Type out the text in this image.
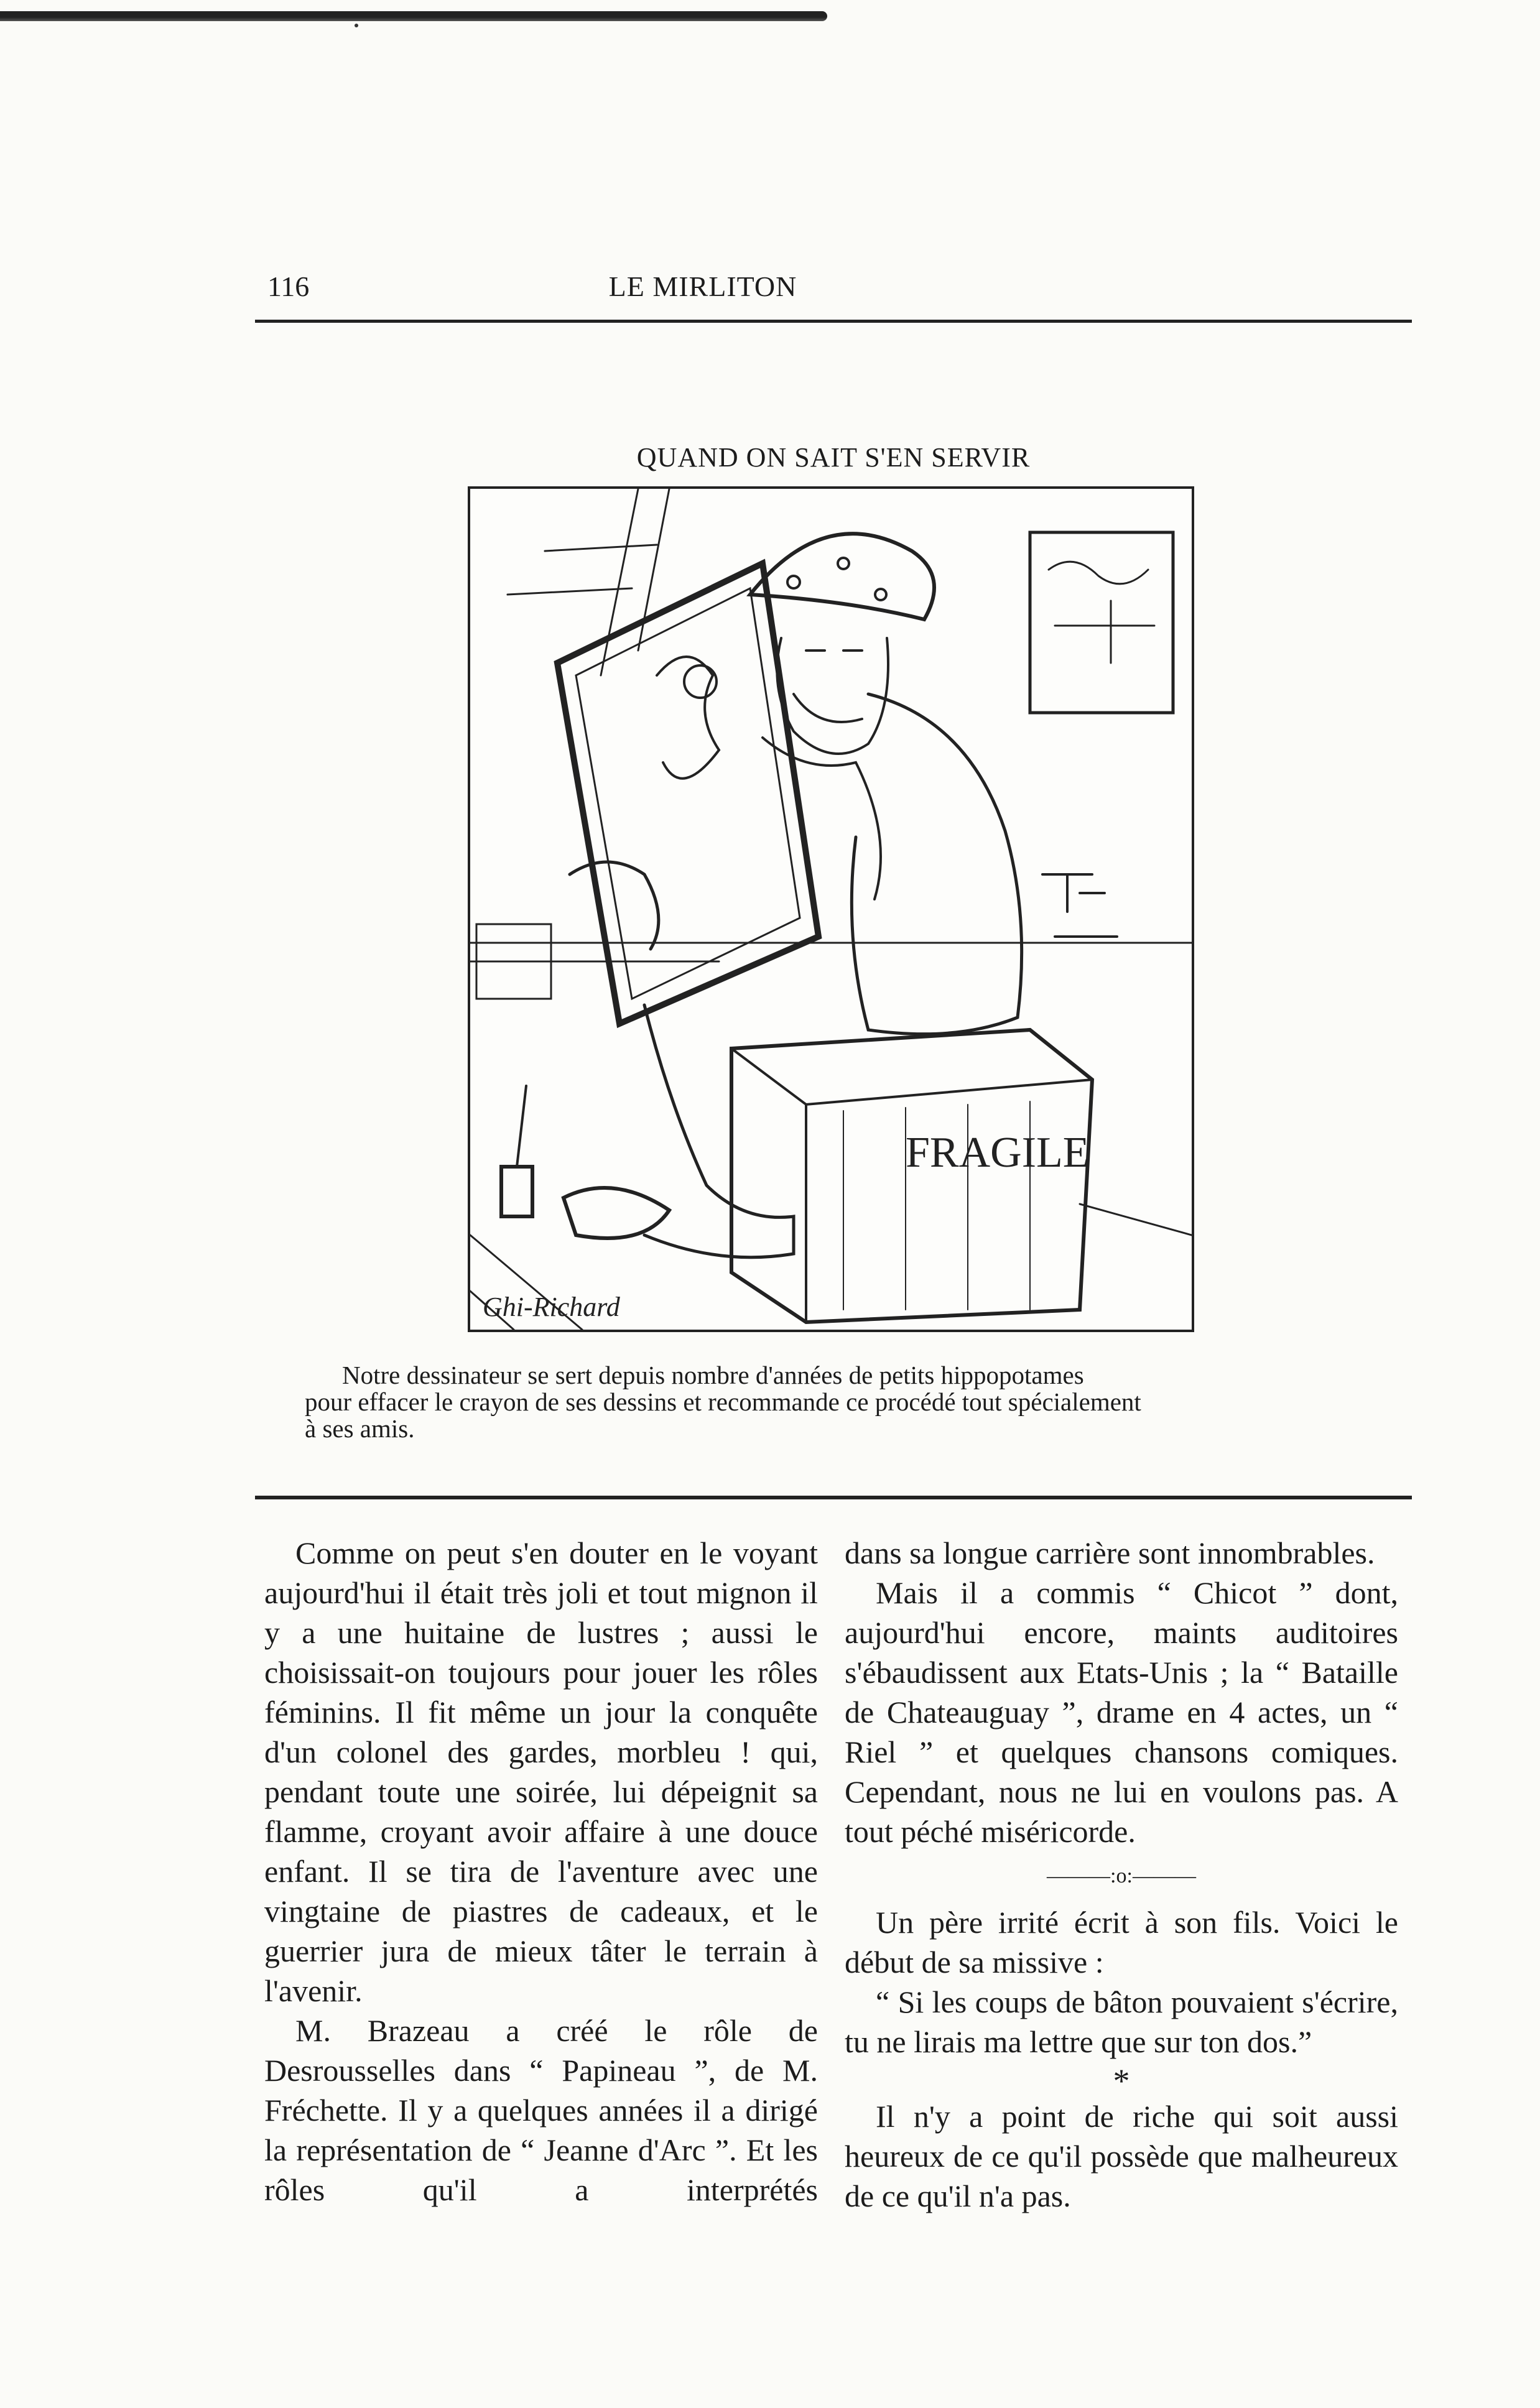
116	LE MIRLITON
QUAND ON SAIT S'EN SERVIR
FRAGILE
Ghi-Richard

Notre dessinateur se sert depuis nombre d'années de petits hippopotames

pour effacer le crayon de ses dessins et recommande ce procédé tout spécialement

à ses amis.

Comme on peut s'en douter en le voyant aujourd'hui il était très joli et tout mignon il y a une huitaine de lustres ; aussi le choisissait-on toujours pour jouer les rôles féminins. Il fit même un jour la conquête d'un colonel des gardes, morbleu ! qui, pendant toute une soirée, lui dépeignit sa flamme, croyant avoir affaire à une douce enfant. Il se tira de l'aventure avec une vingtaine de piastres de cadeaux, et le guerrier jura de mieux tâter le terrain à l'avenir.

M. Brazeau a créé le rôle de Desrousselles dans “ Papineau ”, de M. Fréchette. Il y a quelques années il a dirigé la représentation de “ Jeanne d'Arc ”. Et les rôles qu'il a interprétés

dans sa longue carrière sont innombrables.

Mais il a commis “ Chicot ” dont, aujourd'hui encore, maints auditoires s'ébaudissent aux Etats-Unis ; la “ Bataille de Chateauguay ”, drame en 4 actes, un “ Riel ” et quelques chansons comiques. Cependant, nous ne lui en voulons pas. A tout péché miséricorde.

———:o:———

Un père irrité écrit à son fils. Voici le début de sa missive :

“ Si les coups de bâton pouvaient s'écrire, tu ne lirais ma lettre que sur ton dos.”

*

Il n'y a point de riche qui soit aussi heureux de ce qu'il possède que malheureux de ce qu'il n'a pas.
